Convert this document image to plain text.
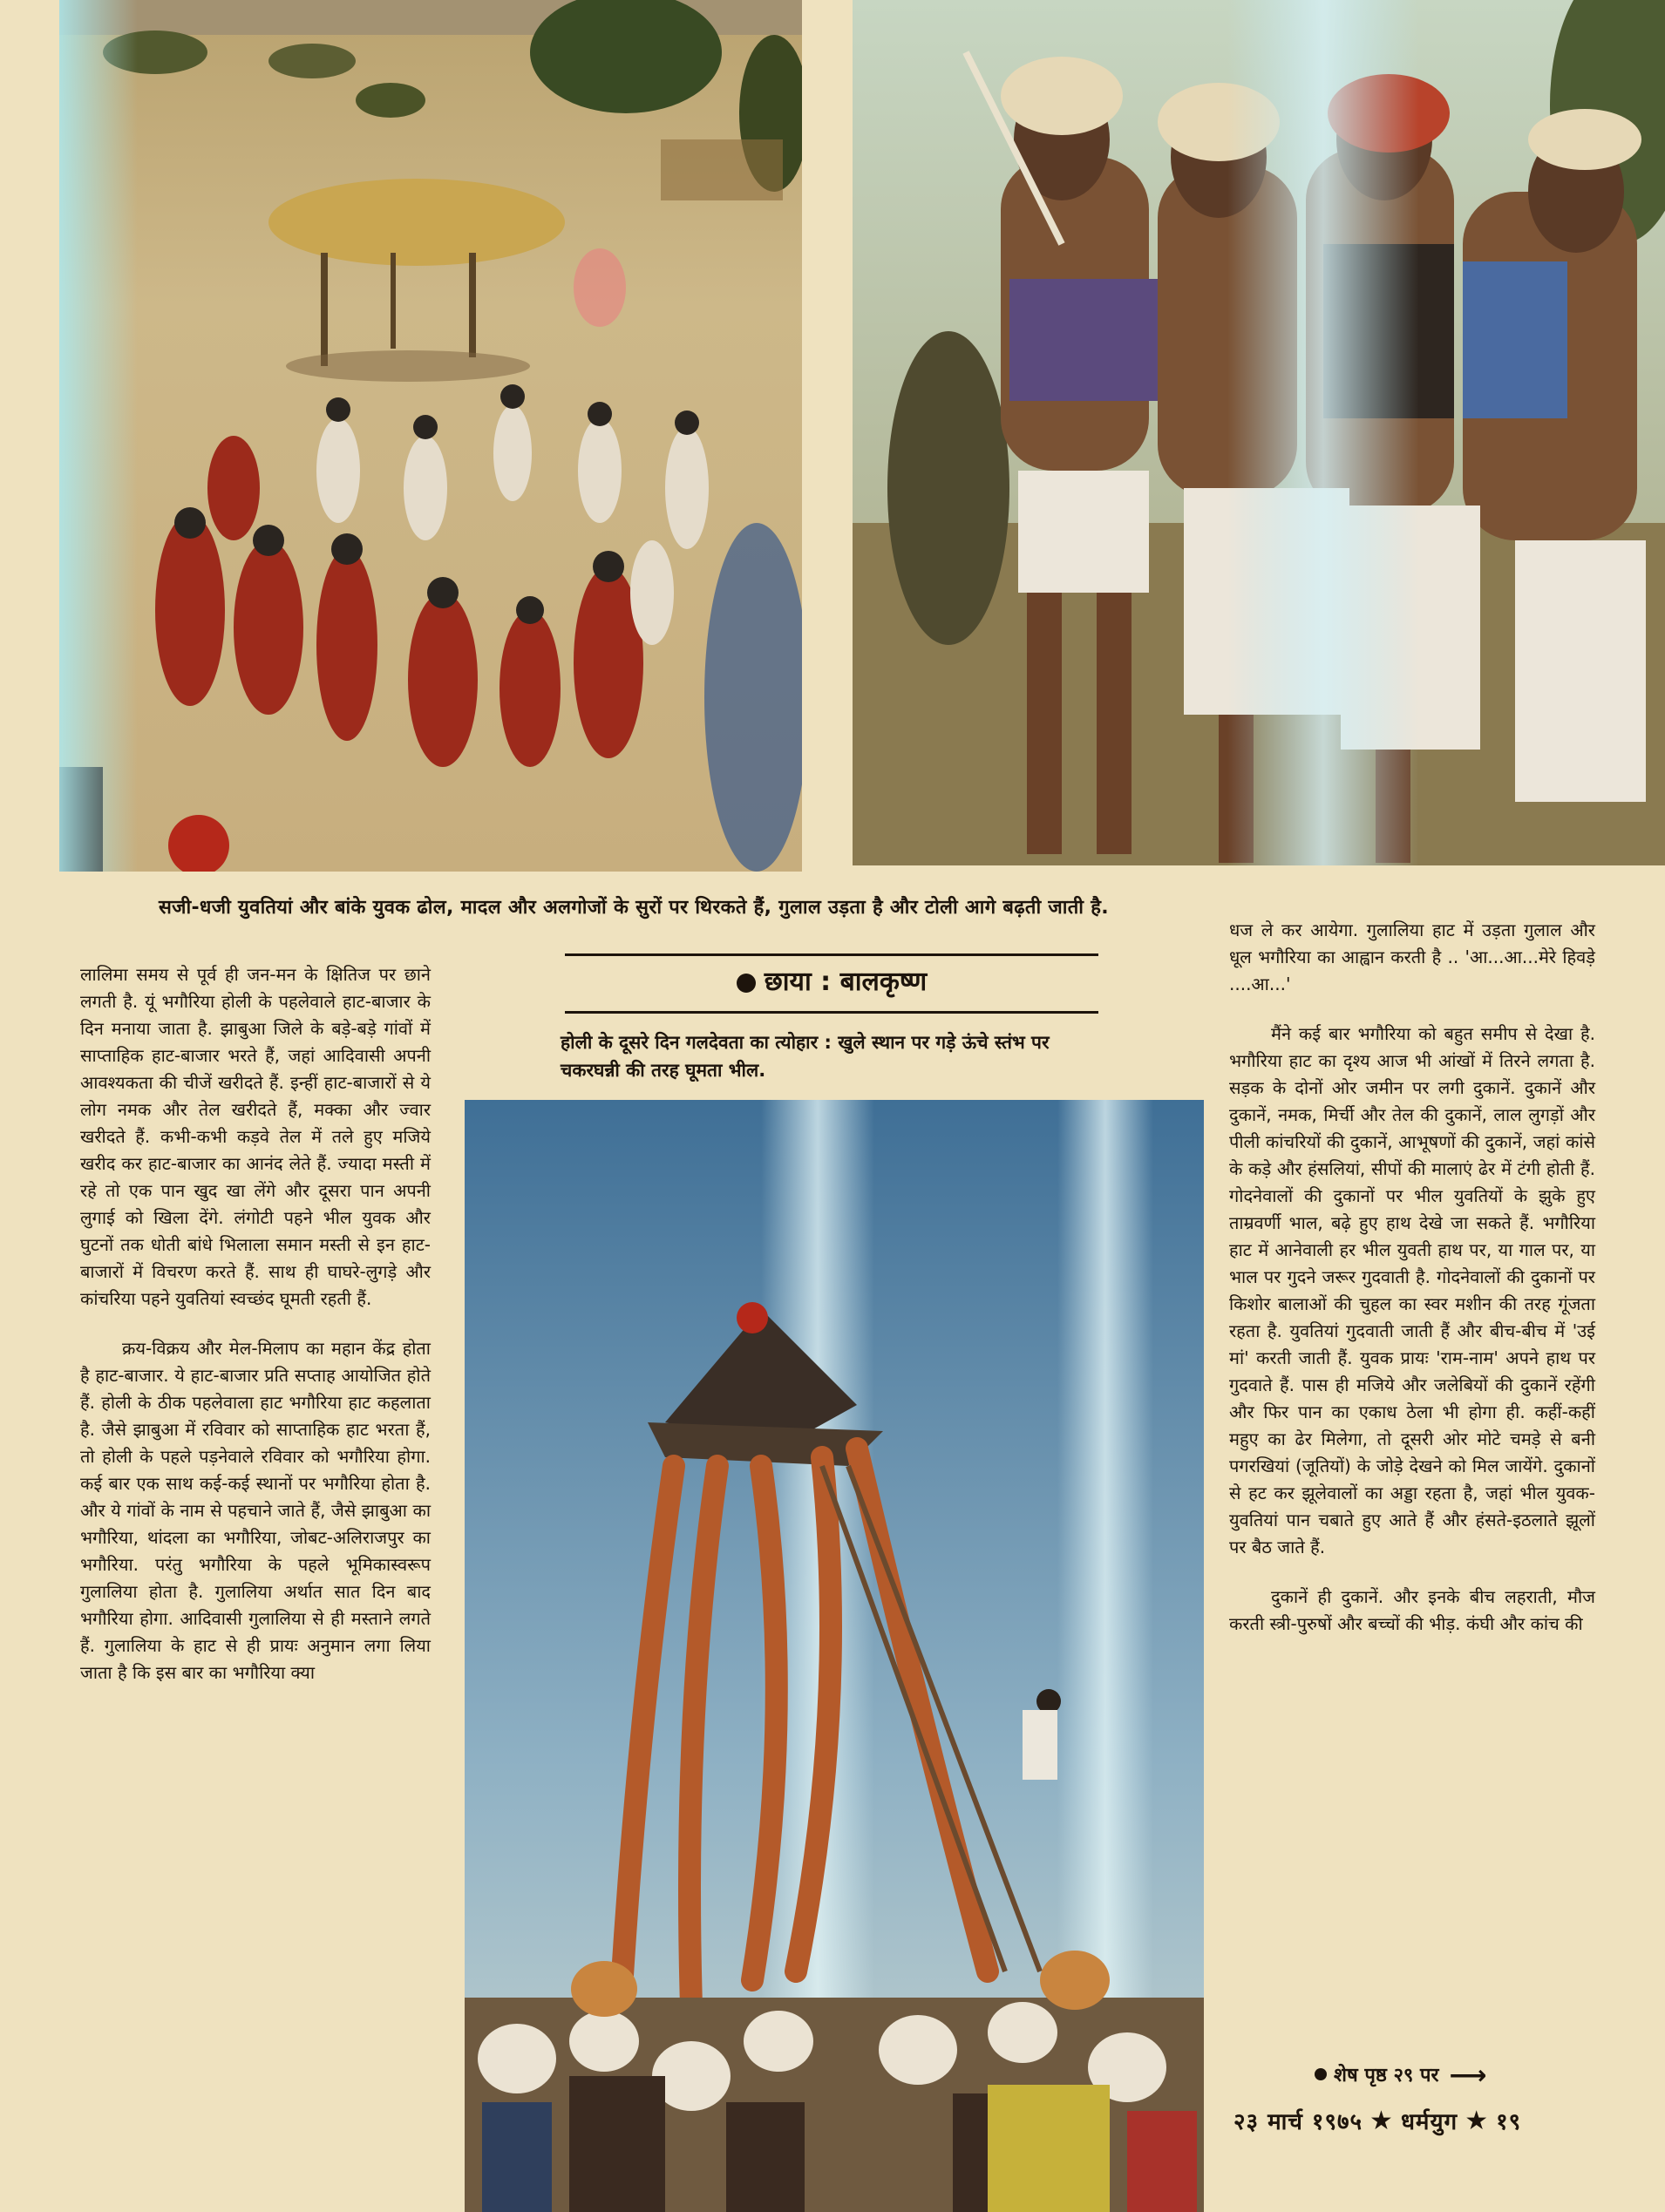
सजी-धजी युवतियां और बांके युवक ढोल, मादल और अलगोजों के सुरों पर थिरकते हैं, गुलाल उड़ता है और टोली आगे बढ़ती जाती है.
छाया : बालकृष्ण
होली के दूसरे दिन गलदेवता का त्योहार : खुले स्थान पर गड़े ऊंचे स्तंभ पर चकरघन्नी की तरह घूमता भील.

लालिमा समय से पूर्व ही जन-मन के क्षितिज पर छाने लगती है. यूं भगौरिया होली के पहलेवाले हाट-बाजार के दिन मनाया जाता है. झाबुआ जिले के बड़े-बड़े गांवों में साप्ताहिक हाट-बाजार भरते हैं, जहां आदिवासी अपनी आवश्यकता की चीजें खरीदते हैं. इन्हीं हाट-बाजारों से ये लोग नमक और तेल खरीदते हैं, मक्का और ज्वार खरीदते हैं. कभी-कभी कड़वे तेल में तले हुए मजिये खरीद कर हाट-बाजार का आनंद लेते हैं. ज्यादा मस्ती में रहे तो एक पान खुद खा लेंगे और दूसरा पान अपनी लुगाई को खिला देंगे. लंगोटी पहने भील युवक और घुटनों तक धोती बांधे भिलाला समान मस्ती से इन हाट-बाजारों में विचरण करते हैं. साथ ही घाघरे-लुगड़े और कांचरिया पहने युवतियां स्वच्छंद घूमती रहती हैं.

क्रय-विक्रय और मेल-मिलाप का महान केंद्र होता है हाट-बाजार. ये हाट-बाजार प्रति सप्ताह आयोजित होते हैं. होली के ठीक पहलेवाला हाट भगौरिया हाट कहलाता है. जैसे झाबुआ में रविवार को साप्ताहिक हाट भरता हैं, तो होली के पहले पड़नेवाले रविवार को भगौरिया होगा. कई बार एक साथ कई-कई स्थानों पर भगौरिया होता है. और ये गांवों के नाम से पहचाने जाते हैं, जैसे झाबुआ का भगौरिया, थांदला का भगौरिया, जोबट-अलिराजपुर का भगौरिया. परंतु भगौरिया के पहले भूमिकास्वरूप गुलालिया होता है. गुलालिया अर्थात सात दिन बाद भगौरिया होगा. आदिवासी गुलालिया से ही मस्ताने लगते हैं. गुलालिया के हाट से ही प्रायः अनुमान लगा लिया जाता है कि इस बार का भगौरिया क्या

धज ले कर आयेगा. गुलालिया हाट में उड़ता गुलाल और धूल भगौरिया का आह्वान करती है .. 'आ...आ...मेरे हिवड़े ....आ...'

मैंने कई बार भगौरिया को बहुत समीप से देखा है. भगौरिया हाट का दृश्य आज भी आंखों में तिरने लगता है. सड़क के दोनों ओर जमीन पर लगी दुकानें. दुकानें और दुकानें, नमक, मिर्ची और तेल की दुकानें, लाल लुगड़ों और पीली कांचरियों की दुकानें, आभूषणों की दुकानें, जहां कांसे के कड़े और हंसलियां, सीपों की मालाएं ढेर में टंगी होती हैं. गोदनेवालों की दुकानों पर भील युवतियों के झुके हुए ताम्रवर्णी भाल, बढ़े हुए हाथ देखे जा सकते हैं. भगौरिया हाट में आनेवाली हर भील युवती हाथ पर, या गाल पर, या भाल पर गुदने जरूर गुदवाती है. गोदनेवालों की दुकानों पर किशोर बालाओं की चुहल का स्वर मशीन की तरह गूंजता रहता है. युवतियां गुदवाती जाती हैं और बीच-बीच में 'उई मां' करती जाती हैं. युवक प्रायः 'राम-नाम' अपने हाथ पर गुदवाते हैं. पास ही मजिये और जलेबियों की दुकानें रहेंगी और फिर पान का एकाध ठेला भी होगा ही. कहीं-कहीं महुए का ढेर मिलेगा, तो दूसरी ओर मोटे चमड़े से बनी पगरखियां (जूतियों) के जोड़े देखने को मिल जायेंगे. दुकानों से हट कर झूलेवालों का अड्डा रहता है, जहां भील युवक-युवतियां पान चबाते हुए आते हैं और हंसते-इठलाते झूलों पर बैठ जाते हैं.

दुकानें ही दुकानें. और इनके बीच लहराती, मौज करती स्त्री-पुरुषों और बच्चों की भीड़. कंघी और कांच की

शेष पृष्ठ २९ पर ⟶
२३ मार्च १९७५ ★ धर्मयुग ★ १९
